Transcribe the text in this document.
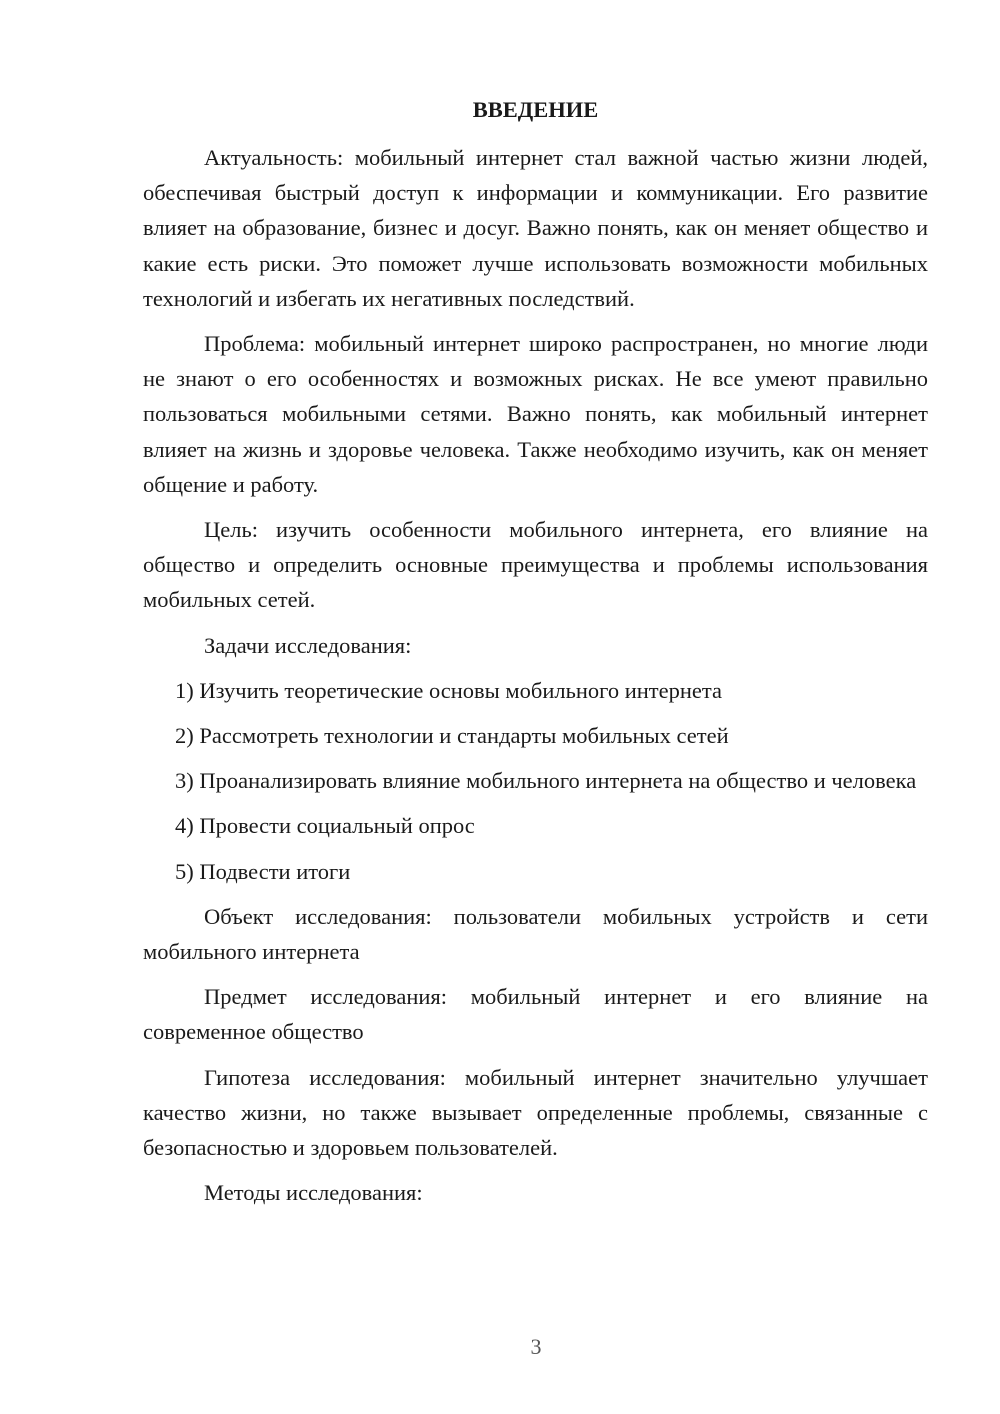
ВВЕДЕНИЕ

Актуальность: мобильный интернет стал важной частью жизни людей, обеспечивая быстрый доступ к информации и коммуникации. Его развитие влияет на образование, бизнес и досуг. Важно понять, как он меняет общество и какие есть риски. Это поможет лучше использовать возможности мобильных технологий и избегать их негативных последствий.

Проблема: мобильный интернет широко распространен, но многие люди не знают о его особенностях и возможных рисках. Не все умеют правильно пользоваться мобильными сетями. Важно понять, как мобильный интернет влияет на жизнь и здоровье человека. Также необходимо изучить, как он меняет общение и работу.

Цель: изучить особенности мобильного интернета, его влияние на общество и определить основные преимущества и проблемы использования мобильных сетей.

Задачи исследования:

1) Изучить теоретические основы мобильного интернета

2) Рассмотреть технологии и стандарты мобильных сетей

3) Проанализировать влияние мобильного интернета на общество и человека

4) Провести социальный опрос

5) Подвести итоги

Объект исследования: пользователи мобильных устройств и сети мобильного интернета

Предмет исследования: мобильный интернет и его влияние на современное общество

Гипотеза исследования: мобильный интернет значительно улучшает качество жизни, но также вызывает определенные проблемы, связанные с безопасностью и здоровьем пользователей.

Методы исследования:

3
